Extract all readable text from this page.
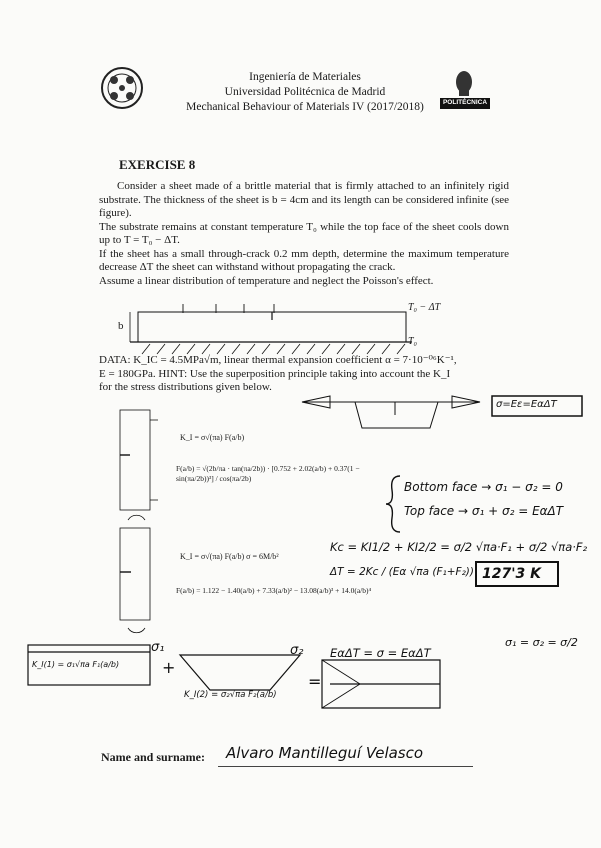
Ingeniería de Materiales
Universidad Politécnica de Madrid
Mechanical Behaviour of Materials IV (2017/2018)	POLITÉCNICA
EXERCISE 8

Consider a sheet made of a brittle material that is firmly attached to an infinitely rigid substrate. The thickness of the sheet is b = 4cm and its length can be considered infinite (see figure).

The substrate remains at constant temperature T₀ while the top face of the sheet cools down up to T = T₀ − ΔT.

If the sheet has a small through-crack 0.2 mm depth, determine the maximum temperature decrease ΔT the sheet can withstand without propagating the crack.

Assume a linear distribution of temperature and neglect the Poisson's effect.

b
T₀ − ΔT
T₀
DATA: K_IC = 4.5MPa√m, linear thermal expansion coefficient α = 7·10⁻⁰⁶K⁻¹,
E = 180GPa. HINT: Use the superposition principle taking into account the K_I
for the stress distributions given below.
σ=Eε=EαΔT
K_I = σ√(πa) F(a/b)
F(a/b) = √(2b/πa · tan(πa/2b)) · [0.752 + 2.02(a/b) + 0.37(1 − sin(πa/2b))³] / cos(πa/2b)
K_I = σ√(πa) F(a/b) σ = 6M/b²
F(a/b) = 1.122 − 1.40(a/b) + 7.33(a/b)² − 13.08(a/b)³ + 14.0(a/b)⁴
Bottom face → σ₁ − σ₂ = 0
Top face → σ₁ + σ₂ = EαΔT
Kc = KI1/2 + KI2/2 = σ/2 √πa·F₁ + σ/2 √πa·F₂
ΔT = 2Kc / (Eα √πa (F₁+F₂)) 127'3 K
σ₁ = σ₂ = σ/2
σ₁
+
σ₂
=
EαΔT = σ = EαΔT
K_I(1) = σ₁√πa F₁(a/b)
K_I(2) = σ₂√πa F₂(a/b)
Name and surname: Alvaro Mantilleguí Velasco
